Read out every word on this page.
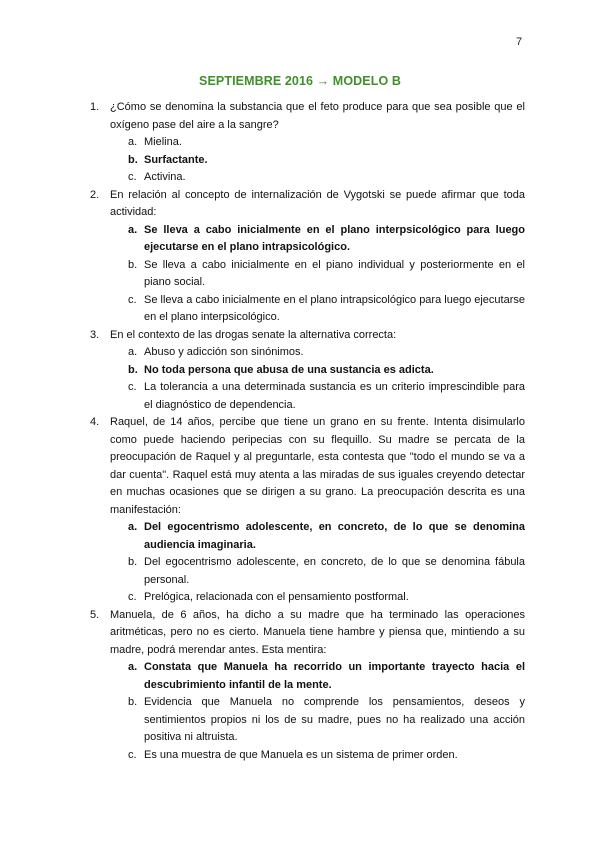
7
SEPTIEMBRE 2016 → MODELO B
1. ¿Cómo se denomina la substancia que el feto produce para que sea posible que el oxígeno pase del aire a la sangre?
a. Mielina.
b. Surfactante.
c. Activina.
2. En relación al concepto de internalización de Vygotski se puede afirmar que toda actividad:
a. Se lleva a cabo inicialmente en el plano interpsicológico para luego ejecutarse en el plano intrapsicológico.
b. Se lleva a cabo inicialmente en el piano individual y posteriormente en el piano social.
c. Se lleva a cabo inicialmente en el plano intrapsicológico para luego ejecutarse en el plano interpsicológico.
3. En el contexto de las drogas senate la alternativa correcta:
a. Abuso y adicción son sinónimos.
b. No toda persona que abusa de una sustancia es adicta.
c. La tolerancia a una determinada sustancia es un criterio imprescindible para el diagnóstico de dependencia.
4. Raquel, de 14 años, percibe que tiene un grano en su frente. Intenta disimularlo como puede haciendo peripecias con su flequillo. Su madre se percata de la preocupación de Raquel y al preguntarle, esta contesta que "todo el mundo se va a dar cuenta". Raquel está muy atenta a las miradas de sus iguales creyendo detectar en muchas ocasiones que se dirigen a su grano. La preocupación descrita es una manifestación:
a. Del egocentrismo adolescente, en concreto, de lo que se denomina audiencia imaginaria.
b. Del egocentrismo adolescente, en concreto, de lo que se denomina fábula personal.
c. Prelógica, relacionada con el pensamiento postformal.
5. Manuela, de 6 años, ha dicho a su madre que ha terminado las operaciones aritméticas, pero no es cierto. Manuela tiene hambre y piensa que, mintiendo a su madre, podrá merendar antes. Esta mentira:
a. Constata que Manuela ha recorrido un importante trayecto hacia el descubrimiento infantil de la mente.
b. Evidencia que Manuela no comprende los pensamientos, deseos y sentimientos propios ni los de su madre, pues no ha realizado una acción positiva ni altruista.
c. Es una muestra de que Manuela es un sistema de primer orden.
